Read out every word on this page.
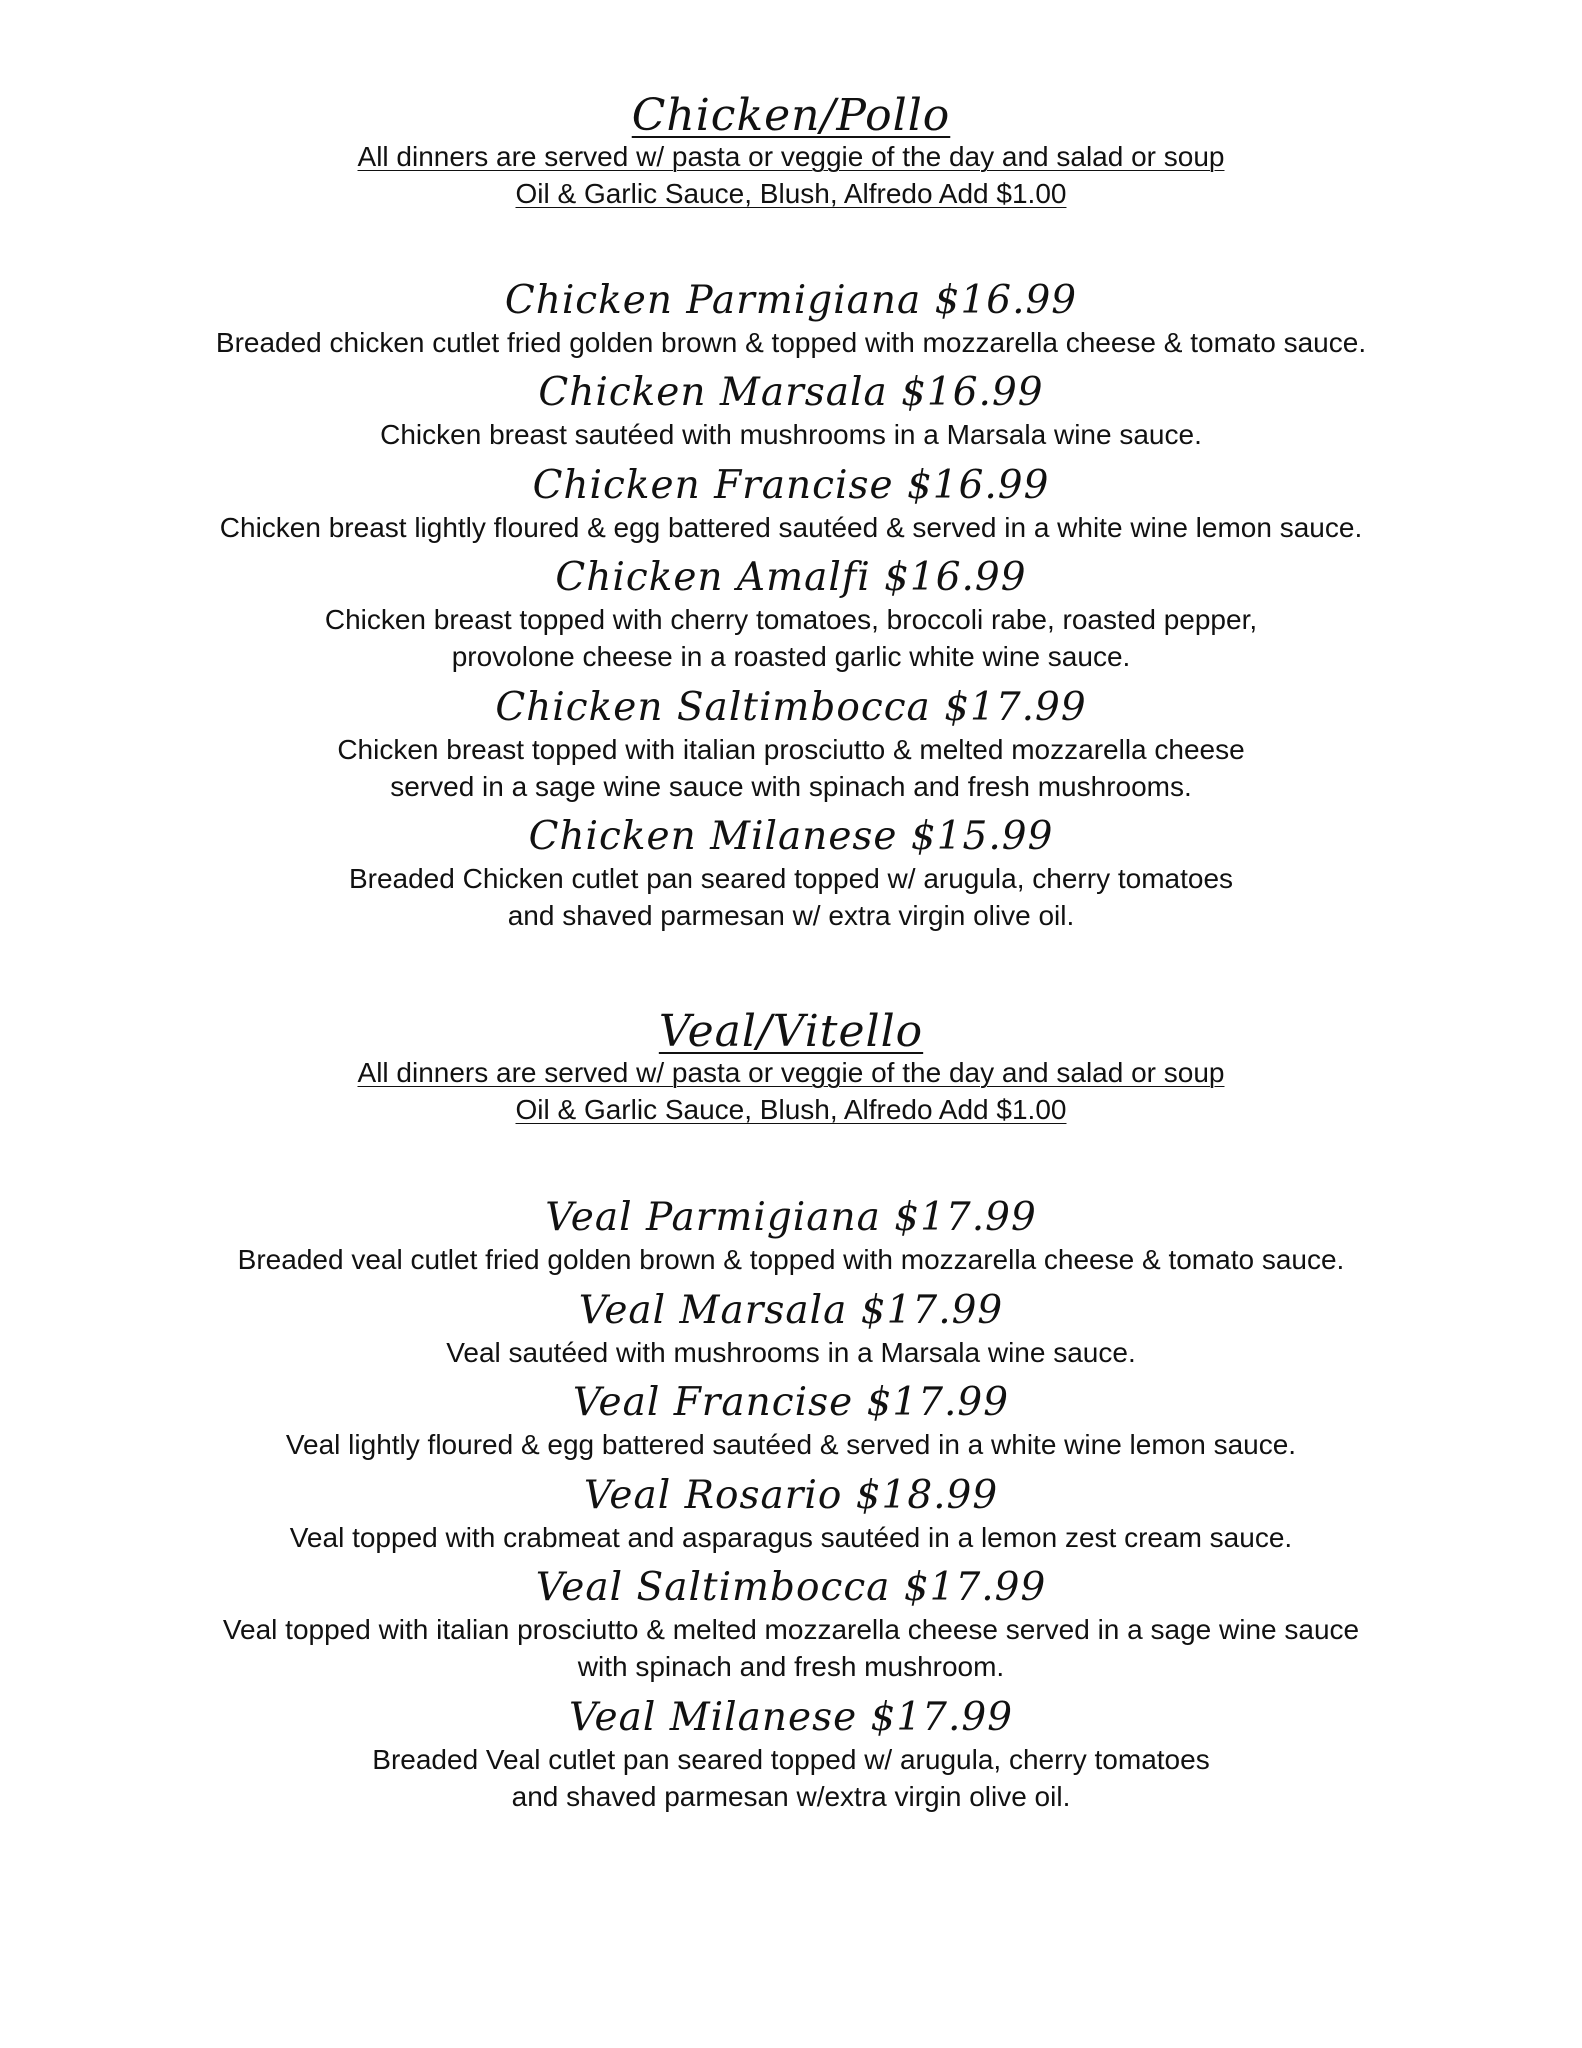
Chicken/Pollo
All dinners are served w/ pasta or veggie of the day and salad or soup
Oil & Garlic Sauce, Blush, Alfredo Add $1.00
Chicken Parmigiana $16.99
Breaded chicken cutlet fried golden brown & topped with mozzarella cheese & tomato sauce.
Chicken Marsala $16.99
Chicken breast sautéed with mushrooms in a Marsala wine sauce.
Chicken Francise $16.99
Chicken breast lightly floured & egg battered sautéed & served in a white wine lemon sauce.
Chicken Amalfi $16.99
Chicken breast topped with cherry tomatoes, broccoli rabe, roasted pepper,
provolone cheese in a roasted garlic white wine sauce.
Chicken Saltimbocca $17.99
Chicken breast topped with italian prosciutto & melted mozzarella cheese
served in a sage wine sauce with spinach and fresh mushrooms.
Chicken Milanese $15.99
Breaded Chicken cutlet pan seared topped w/ arugula, cherry tomatoes
and shaved parmesan w/ extra virgin olive oil.
Veal/Vitello
All dinners are served w/ pasta or veggie of the day and salad or soup
Oil & Garlic Sauce, Blush, Alfredo Add $1.00
Veal Parmigiana $17.99
Breaded veal cutlet fried golden brown & topped with mozzarella cheese & tomato sauce.
Veal Marsala $17.99
Veal sautéed with mushrooms in a Marsala wine sauce.
Veal Francise $17.99
Veal lightly floured & egg battered sautéed & served in a white wine lemon sauce.
Veal Rosario $18.99
Veal topped with crabmeat and asparagus sautéed in a lemon zest cream sauce.
Veal Saltimbocca $17.99
Veal topped with italian prosciutto & melted mozzarella cheese served in a sage wine sauce
with spinach and fresh mushroom.
Veal Milanese $17.99
Breaded Veal cutlet pan seared topped w/ arugula, cherry tomatoes
and shaved parmesan w/extra virgin olive oil.
